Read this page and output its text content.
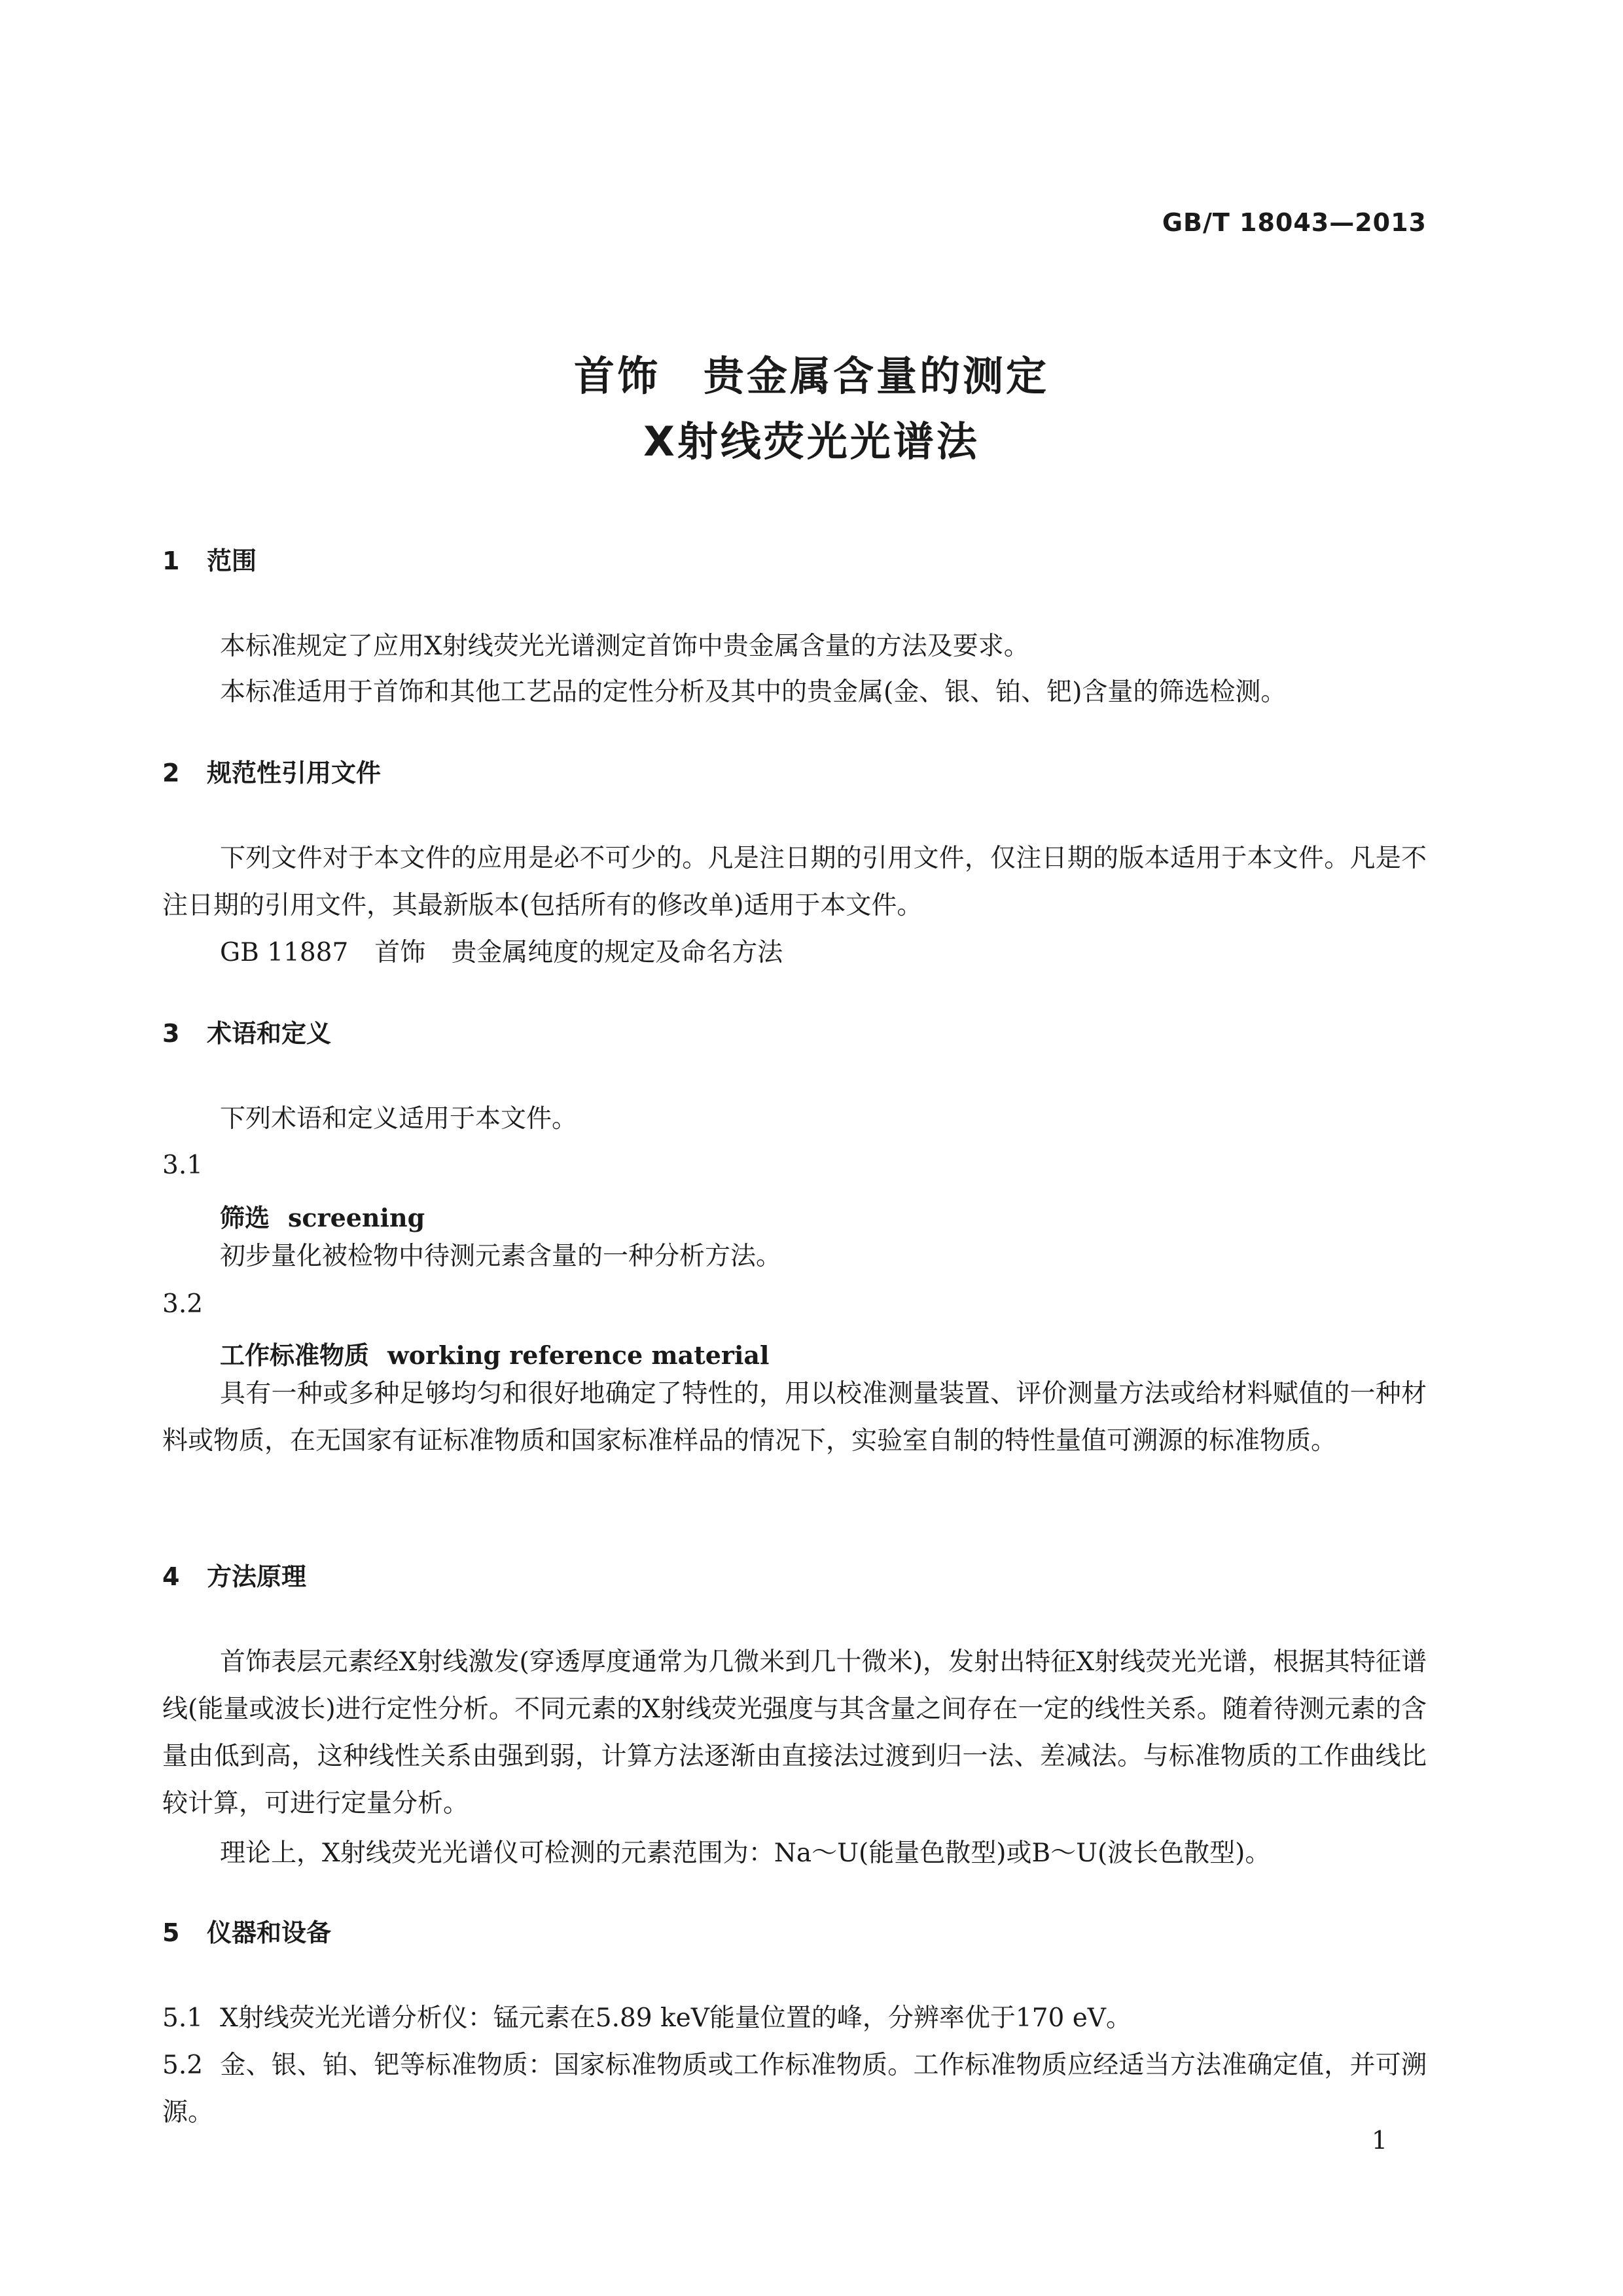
GB/T 18043—2013
首饰　贵金属含量的测定
X射线荧光光谱法
1 范围
本标准规定了应用X射线荧光光谱测定首饰中贵金属含量的方法及要求。
本标准适用于首饰和其他工艺品的定性分析及其中的贵金属(金、银、铂、钯)含量的筛选检测。
2 规范性引用文件
下列文件对于本文件的应用是必不可少的。凡是注日期的引用文件，仅注日期的版本适用于本文件。凡是不注日期的引用文件，其最新版本(包括所有的修改单)适用于本文件。
GB 11887 首饰　贵金属纯度的规定及命名方法
3 术语和定义
下列术语和定义适用于本文件。
3.1
筛选 screening
初步量化被检物中待测元素含量的一种分析方法。
3.2
工作标准物质 working reference material
具有一种或多种足够均匀和很好地确定了特性的，用以校准测量装置、评价测量方法或给材料赋值的一种材料或物质，在无国家有证标准物质和国家标准样品的情况下，实验室自制的特性量值可溯源的标准物质。
4 方法原理
首饰表层元素经X射线激发(穿透厚度通常为几微米到几十微米)，发射出特征X射线荧光光谱，根据其特征谱线(能量或波长)进行定性分析。不同元素的X射线荧光强度与其含量之间存在一定的线性关系。随着待测元素的含量由低到高，这种线性关系由强到弱，计算方法逐渐由直接法过渡到归一法、差减法。与标准物质的工作曲线比较计算，可进行定量分析。
理论上，X射线荧光光谱仪可检测的元素范围为：Na～U(能量色散型)或B～U(波长色散型)。
5 仪器和设备
5.1 X射线荧光光谱分析仪：锰元素在5.89 keV能量位置的峰，分辨率优于170 eV。
5.2 金、银、铂、钯等标准物质：国家标准物质或工作标准物质。工作标准物质应经适当方法准确定值，并可溯源。
1
